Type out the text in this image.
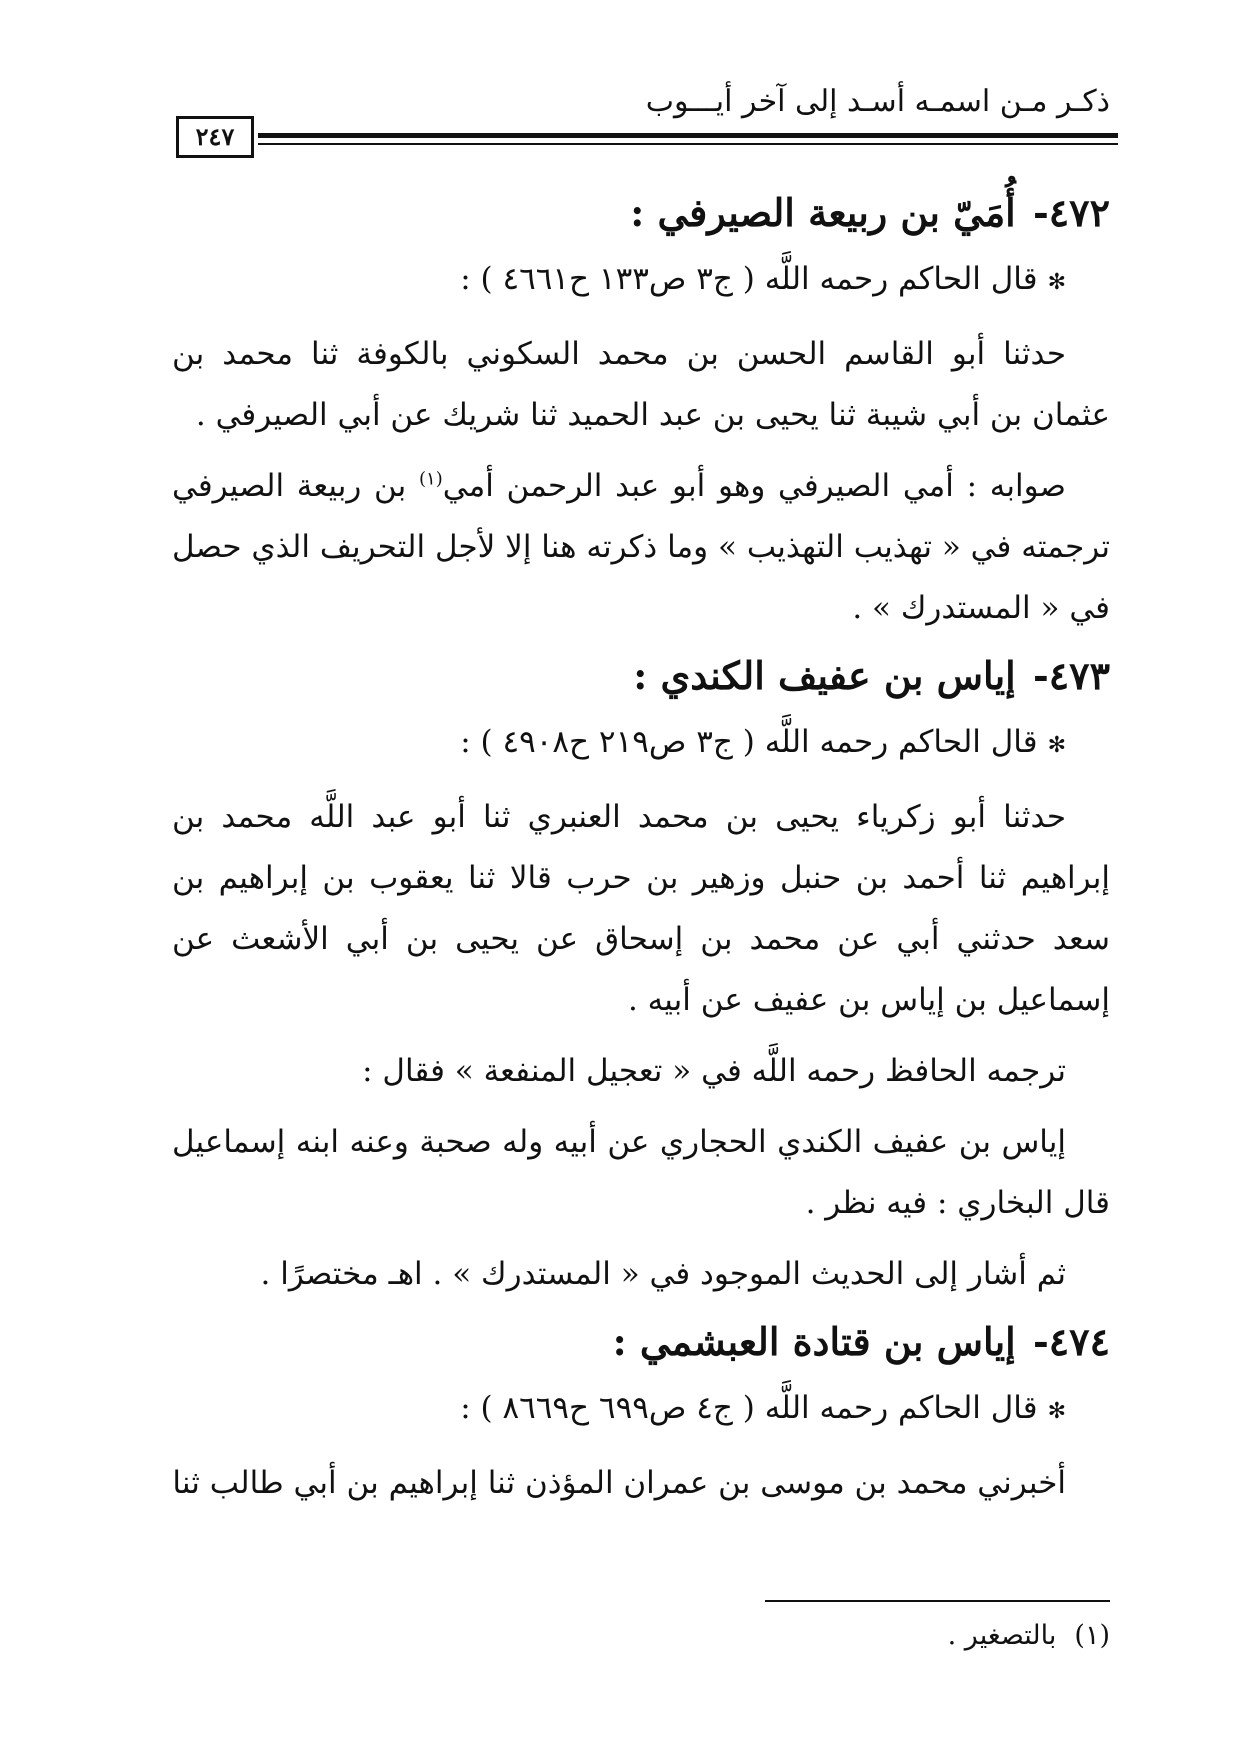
ذكـر مـن اسمـه أسـد إلى آخر أيـــوب
٢٤٧
٤٧٢- أُمَيّ بن ربيعة الصيرفي :
✻قال الحاكم رحمه اللَّه ( ج٣ ص١٣٣ ح٤٦٦١ ) :

حدثنا أبو القاسم الحسن بن محمد السكوني بالكوفة ثنا محمد بن عثمان بن أبي شيبة ثنا يحيى بن عبد الحميد ثنا شريك عن أبي الصيرفي .

صوابه : أمي الصيرفي وهو أبو عبد الرحمن أمي$^{(١)}$ بن ربيعة الصيرفي ترجمته في « تهذيب التهذيب » وما ذكرته هنا إلا لأجل التحريف الذي حصل في « المستدرك » .

٤٧٣- إياس بن عفيف الكندي :
✻قال الحاكم رحمه اللَّه ( ج٣ ص٢١٩ ح٤٩٠٨ ) :

حدثنا أبو زكرياء يحيى بن محمد العنبري ثنا أبو عبد اللَّه محمد بن إبراهيم ثنا أحمد بن حنبل وزهير بن حرب قالا ثنا يعقوب بن إبراهيم بن سعد حدثني أبي عن محمد بن إسحاق عن يحيى بن أبي الأشعث عن إسماعيل بن إياس بن عفيف عن أبيه .

ترجمه الحافظ رحمه اللَّه في « تعجيل المنفعة » فقال :

إياس بن عفيف الكندي الحجاري عن أبيه وله صحبة وعنه ابنه إسماعيل قال البخاري : فيه نظر .

ثم أشار إلى الحديث الموجود في « المستدرك » . اهـ مختصرًا .

٤٧٤- إياس بن قتادة العبشمي :
✻قال الحاكم رحمه اللَّه ( ج٤ ص٦٩٩ ح٨٦٦٩ ) :

أخبرني محمد بن موسى بن عمران المؤذن ثنا إبراهيم بن أبي طالب ثنا

(١)بالتصغير .
